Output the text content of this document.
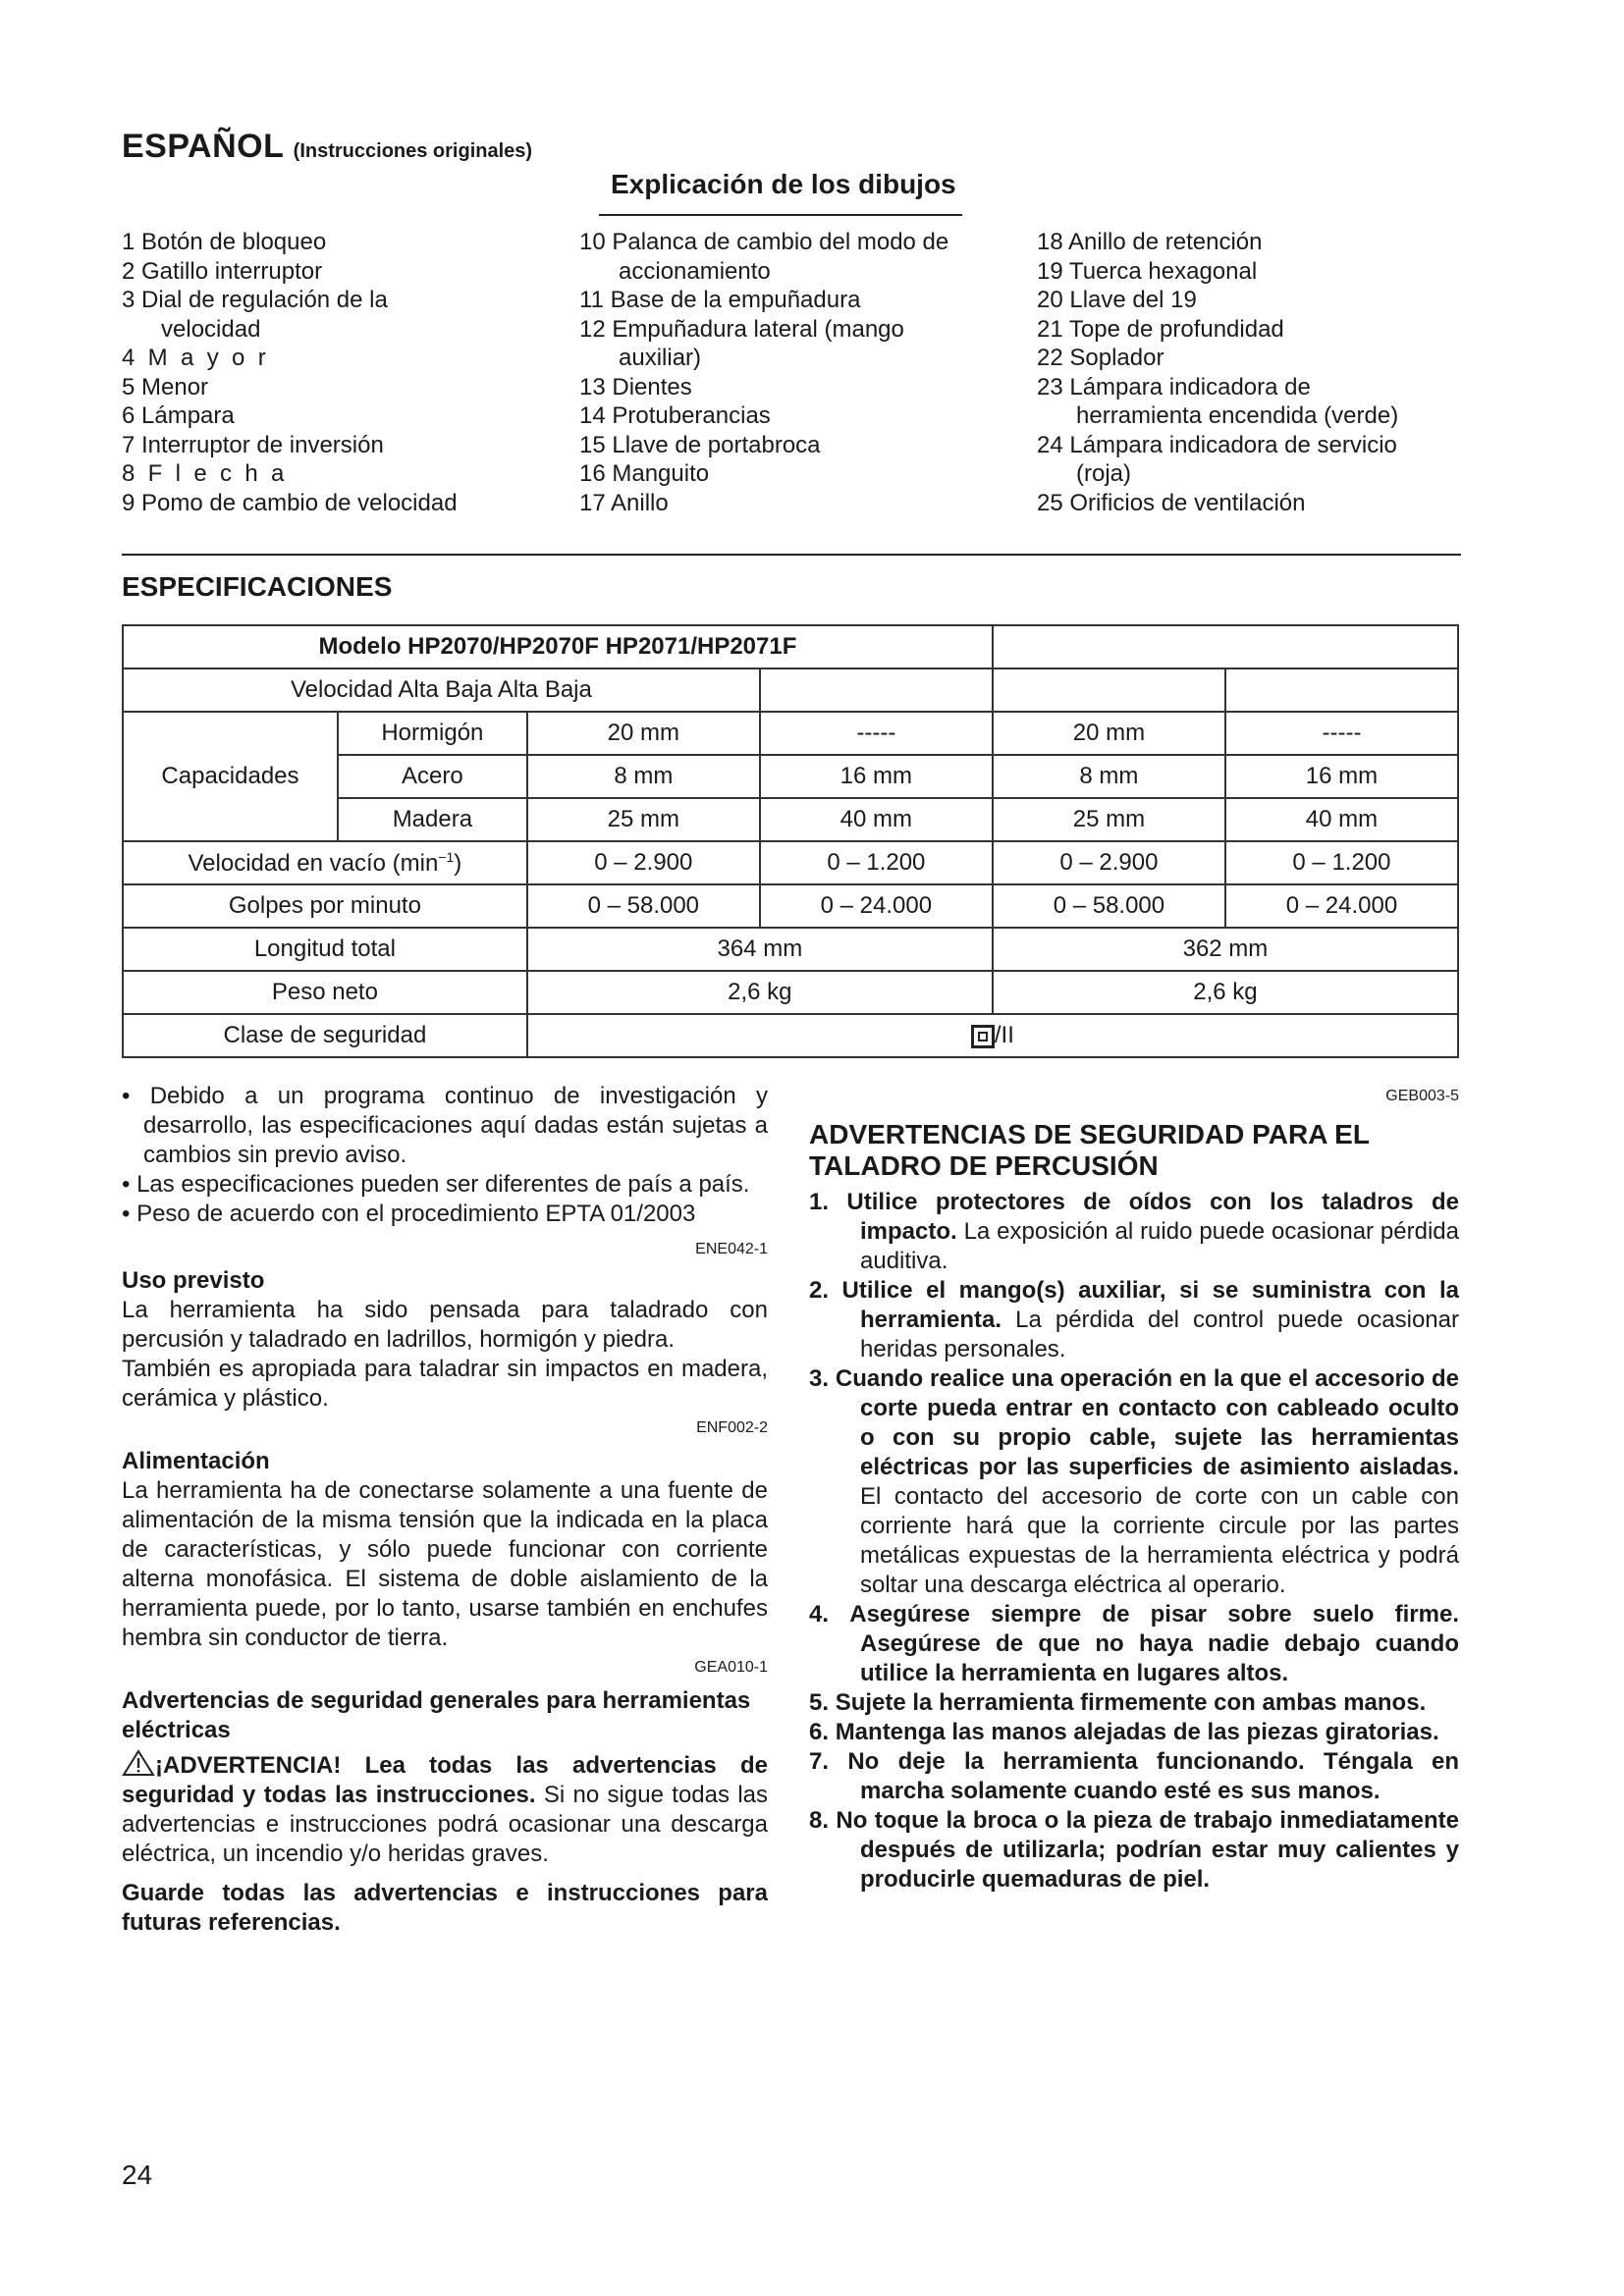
ESPAÑOL (Instrucciones originales)
Explicación de los dibujos
1 Botón de bloqueo
2 Gatillo interruptor
3 Dial de regulación de la
velocidad
4  M  a  y  o  r
5 Menor
6 Lámpara
7 Interruptor de inversión
8  F  l  e  c  h  a
9 Pomo de cambio de velocidad
10 Palanca de cambio del modo de
accionamiento
11 Base de la empuñadura
12 Empuñadura lateral (mango
auxiliar)
13 Dientes
14 Protuberancias
15 Llave de portabroca
16 Manguito
17 Anillo
18 Anillo de retención
19 Tuerca hexagonal
20 Llave del 19
21 Tope de profundidad
22 Soplador
23 Lámpara indicadora de
herramienta encendida (verde)
24 Lámpara indicadora de servicio
(roja)
25 Orificios de ventilación
ESPECIFICACIONES
Modelo HP2070/HP2070F HP2071/HP2071F					
Velocidad Alta Baja Alta Baja					
Capacidades	Hormigón	20 mm	-----	20 mm	-----
	Acero	8 mm	16 mm	8 mm	16 mm
	Madera	25 mm	40 mm	25 mm	40 mm
Velocidad en vacío $(\min^{-1})$		0 – 2.900	0 – 1.200	0 – 2.900	0 – 1.200
Golpes por minuto		0 – 58.000	0 – 24.000	0 – 58.000	0 – 24.000
Longitud total		364 mm		362 mm	
Peso neto		2,6 kg		2,6 kg	
Clase de seguridad		/II			

• Debido a un programa continuo de investigación y desarrollo, las especificaciones aquí dadas están sujetas a cambios sin previo aviso.

• Las especificaciones pueden ser diferentes de país a país.

• Peso de acuerdo con el procedimiento EPTA 01/2003

ENE042-1

Uso previsto

La herramienta ha sido pensada para taladrado con percusión y taladrado en ladrillos, hormigón y piedra.

También es apropiada para taladrar sin impactos en madera, cerámica y plástico.

ENF002-2

Alimentación

La herramienta ha de conectarse solamente a una fuente de alimentación de la misma tensión que la indicada en la placa de características, y sólo puede funcionar con corriente alterna monofásica. El sistema de doble aislamiento de la herramienta puede, por lo tanto, usarse también en enchufes hembra sin conductor de tierra.

GEA010-1

Advertencias de seguridad generales para herramientas eléctricas

¡ADVERTENCIA! Lea todas las advertencias de seguridad y todas las instrucciones. Si no sigue todas las advertencias e instrucciones podrá ocasionar una descarga eléctrica, un incendio y/o heridas graves.

Guarde todas las advertencias e instrucciones para futuras referencias.

GEB003-5

ADVERTENCIAS DE SEGURIDAD PARA EL TALADRO DE PERCUSIÓN

1. Utilice protectores de oídos con los taladros de impacto. La exposición al ruido puede ocasionar pérdida auditiva.
2. Utilice el mango(s) auxiliar, si se suministra con la herramienta. La pérdida del control puede ocasionar heridas personales.
3. Cuando realice una operación en la que el accesorio de corte pueda entrar en contacto con cableado oculto o con su propio cable, sujete las herramientas eléctricas por las superficies de asimiento aisladas. El contacto del accesorio de corte con un cable con corriente hará que la corriente circule por las partes metálicas expuestas de la herramienta eléctrica y podrá soltar una descarga eléctrica al operario.
4. Asegúrese siempre de pisar sobre suelo firme. Asegúrese de que no haya nadie debajo cuando utilice la herramienta en lugares altos.
5. Sujete la herramienta firmemente con ambas manos.
6. Mantenga las manos alejadas de las piezas giratorias.
7. No deje la herramienta funcionando. Téngala en marcha solamente cuando esté es sus manos.
8. No toque la broca o la pieza de trabajo inmediatamente después de utilizarla; podrían estar muy calientes y producirle quemaduras de piel.
24
